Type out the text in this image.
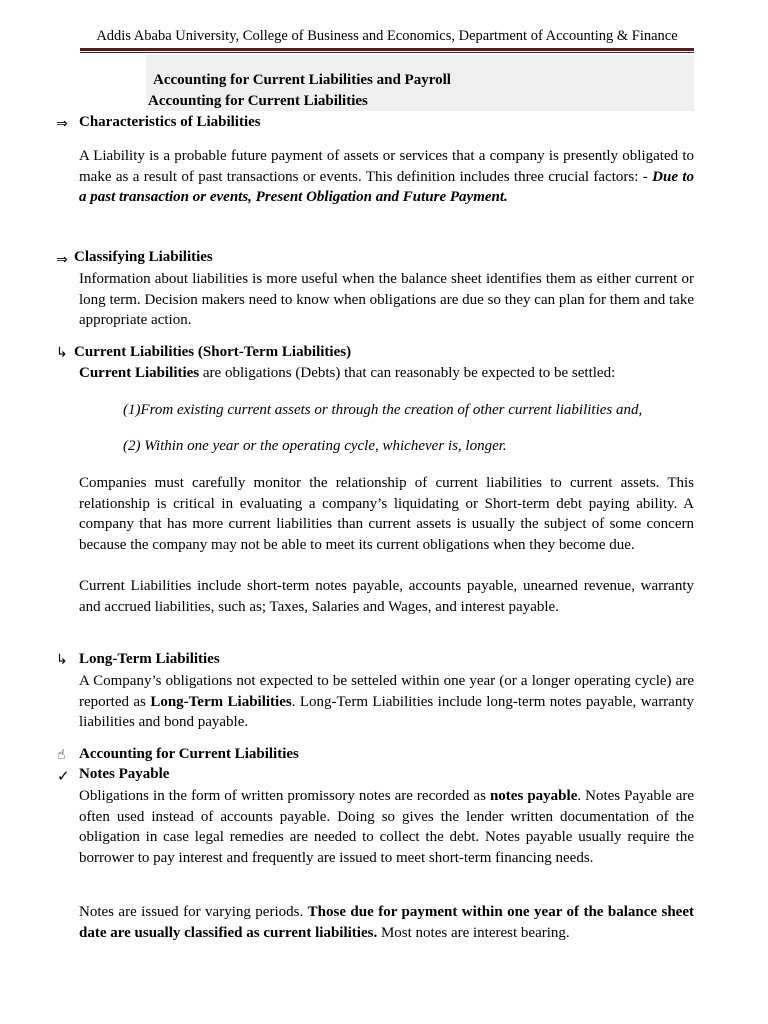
Addis Ababa University, College of Business and Economics, Department of Accounting & Finance
Accounting for Current Liabilities and Payroll
Accounting for Current Liabilities
⇒ Characteristics of Liabilities
A Liability is a probable future payment of assets or services that a company is presently obligated to make as a result of past transactions or events. This definition includes three crucial factors: - Due to a past transaction or events, Present Obligation and Future Payment.
⇒ Classifying Liabilities
Information about liabilities is more useful when the balance sheet identifies them as either current or long term. Decision makers need to know when obligations are due so they can plan for them and take appropriate action.
↳ Current Liabilities (Short-Term Liabilities)
Current Liabilities are obligations (Debts) that can reasonably be expected to be settled:
(1)From existing current assets or through the creation of other current liabilities and,
(2) Within one year or the operating cycle, whichever is, longer.
Companies must carefully monitor the relationship of current liabilities to current assets. This relationship is critical in evaluating a company’s liquidating or Short-term debt paying ability. A company that has more current liabilities than current assets is usually the subject of some concern because the company may not be able to meet its current obligations when they become due.
Current Liabilities include short-term notes payable, accounts payable, unearned revenue, warranty and accrued liabilities, such as; Taxes, Salaries and Wages, and interest payable.
↳ Long-Term Liabilities
A Company’s obligations not expected to be setteled within one year (or a longer operating cycle) are reported as Long-Term Liabilities. Long-Term Liabilities include long-term notes payable, warranty liabilities and bond payable.
☝ Accounting for Current Liabilities
✓ Notes Payable
Obligations in the form of written promissory notes are recorded as notes payable. Notes Payable are often used instead of accounts payable. Doing so gives the lender written documentation of the obligation in case legal remedies are needed to collect the debt. Notes payable usually require the borrower to pay interest and frequently are issued to meet short-term financing needs.
Notes are issued for varying periods. Those due for payment within one year of the balance sheet date are usually classified as current liabilities. Most notes are interest bearing.
